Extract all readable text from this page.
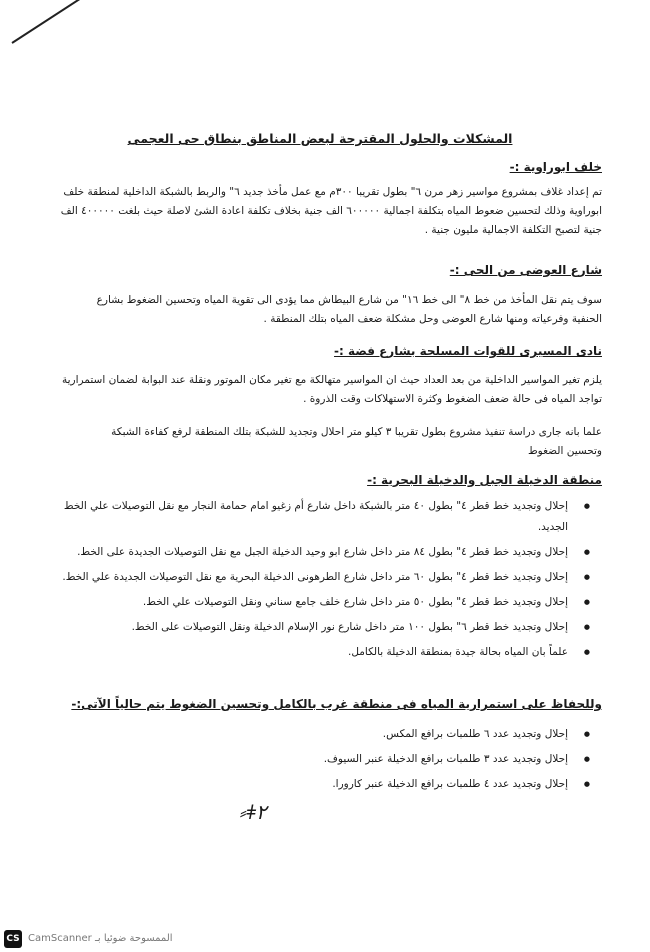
المشكلات والحلول المقترحة لبعض المناطق بنطاق حى العجمى
خلف ابوراوية :-
تم إعداد غلاف بمشروع مواسير زهر مرن ٦" بطول تقريبا ٣٠٠م مع عمل مأخذ جديد ٦" والربط بالشبكة الداخلية لمنطقة خلف ابوراوية وذلك لتحسين ضعوط المياه بتكلفة اجمالية ٦٠٠٠٠٠ الف جنية بخلاف تكلفة اعادة الشئ لاصلة حيث بلغت ٤٠٠٠٠٠ الف جنية لتصبح التكلفة الاجمالية مليون جنية .
شارع العوضى من الحى :-
سوف يتم نقل المأخذ من خط ٨" الى خط ١٦" من شارع البيطاش مما يؤدى الى تقوية المياه وتحسين الضغوط بشارع الحنفية وفرعياته ومنها شارع العوضى وحل مشكلة ضعف المياه بتلك المنطقة .
نادى المسيرى للقوات المسلحة بشارع فضة :-
يلزم تغير المواسير الداخلية من بعد العداد حيث ان المواسير متهالكة مع تغير مكان الموتور ونقلة عند البوابة لضمان استمرارية تواجد المياه فى حالة ضعف الضغوط وكثرة الاستهلاكات وقت الذروة .
علما بانه جارى دراسة تنفيذ مشروع بطول تقريبا ٣ كيلو متر احلال وتجديد للشبكة بتلك المنطقة لرفع كفاءة الشبكة وتحسين الضغوط
منطقة الدخيلة الجبل والدخيلة البحرية :-
● إحلال وتجديد خط قطر ٤" بطول ٤٠ متر بالشبكة داخل شارع أم زغيو امام حمامة النجار مع نقل التوصيلات علي الخط الجديد.
● إحلال وتجديد خط قطر ٤" بطول ٨٤ متر داخل شارع ابو وحيد الدخيلة الجبل مع نقل التوصيلات الجديدة على الخط.
● إحلال وتجديد خط قطر ٤" بطول ٦٠ متر داخل شارع الطرهونى الدخيلة البحرية مع نقل التوصيلات الجديدة علي الخط.
● إحلال وتجديد خط قطر ٤" بطول ٥٠ متر داخل شارع خلف جامع سناني ونقل التوصيلات علي الخط.
● إحلال وتجديد خط قطر ٦" بطول ١٠٠ متر داخل شارع نور الإسلام الدخيلة ونقل التوصيلات على الخط.
● علماً بان المياه بحالة جيدة بمنطقة الدخيلة بالكامل.
وللحفاظ على استمرارية المياه فى منطقة غرب بالكامل وتحسين الضغوط يتم حالياً الآتى:-
● إحلال وتجديد عدد ٦ طلمبات برافع المكس.
● إحلال وتجديد عدد ٣ طلمبات برافع الدخيلة عنبر السيوف.
● إحلال وتجديد عدد ٤ طلمبات برافع الدخيلة عنبر كارورا.
⸗ǂ٢
CS الممسوحة ضوئيا بـ CamScanner
